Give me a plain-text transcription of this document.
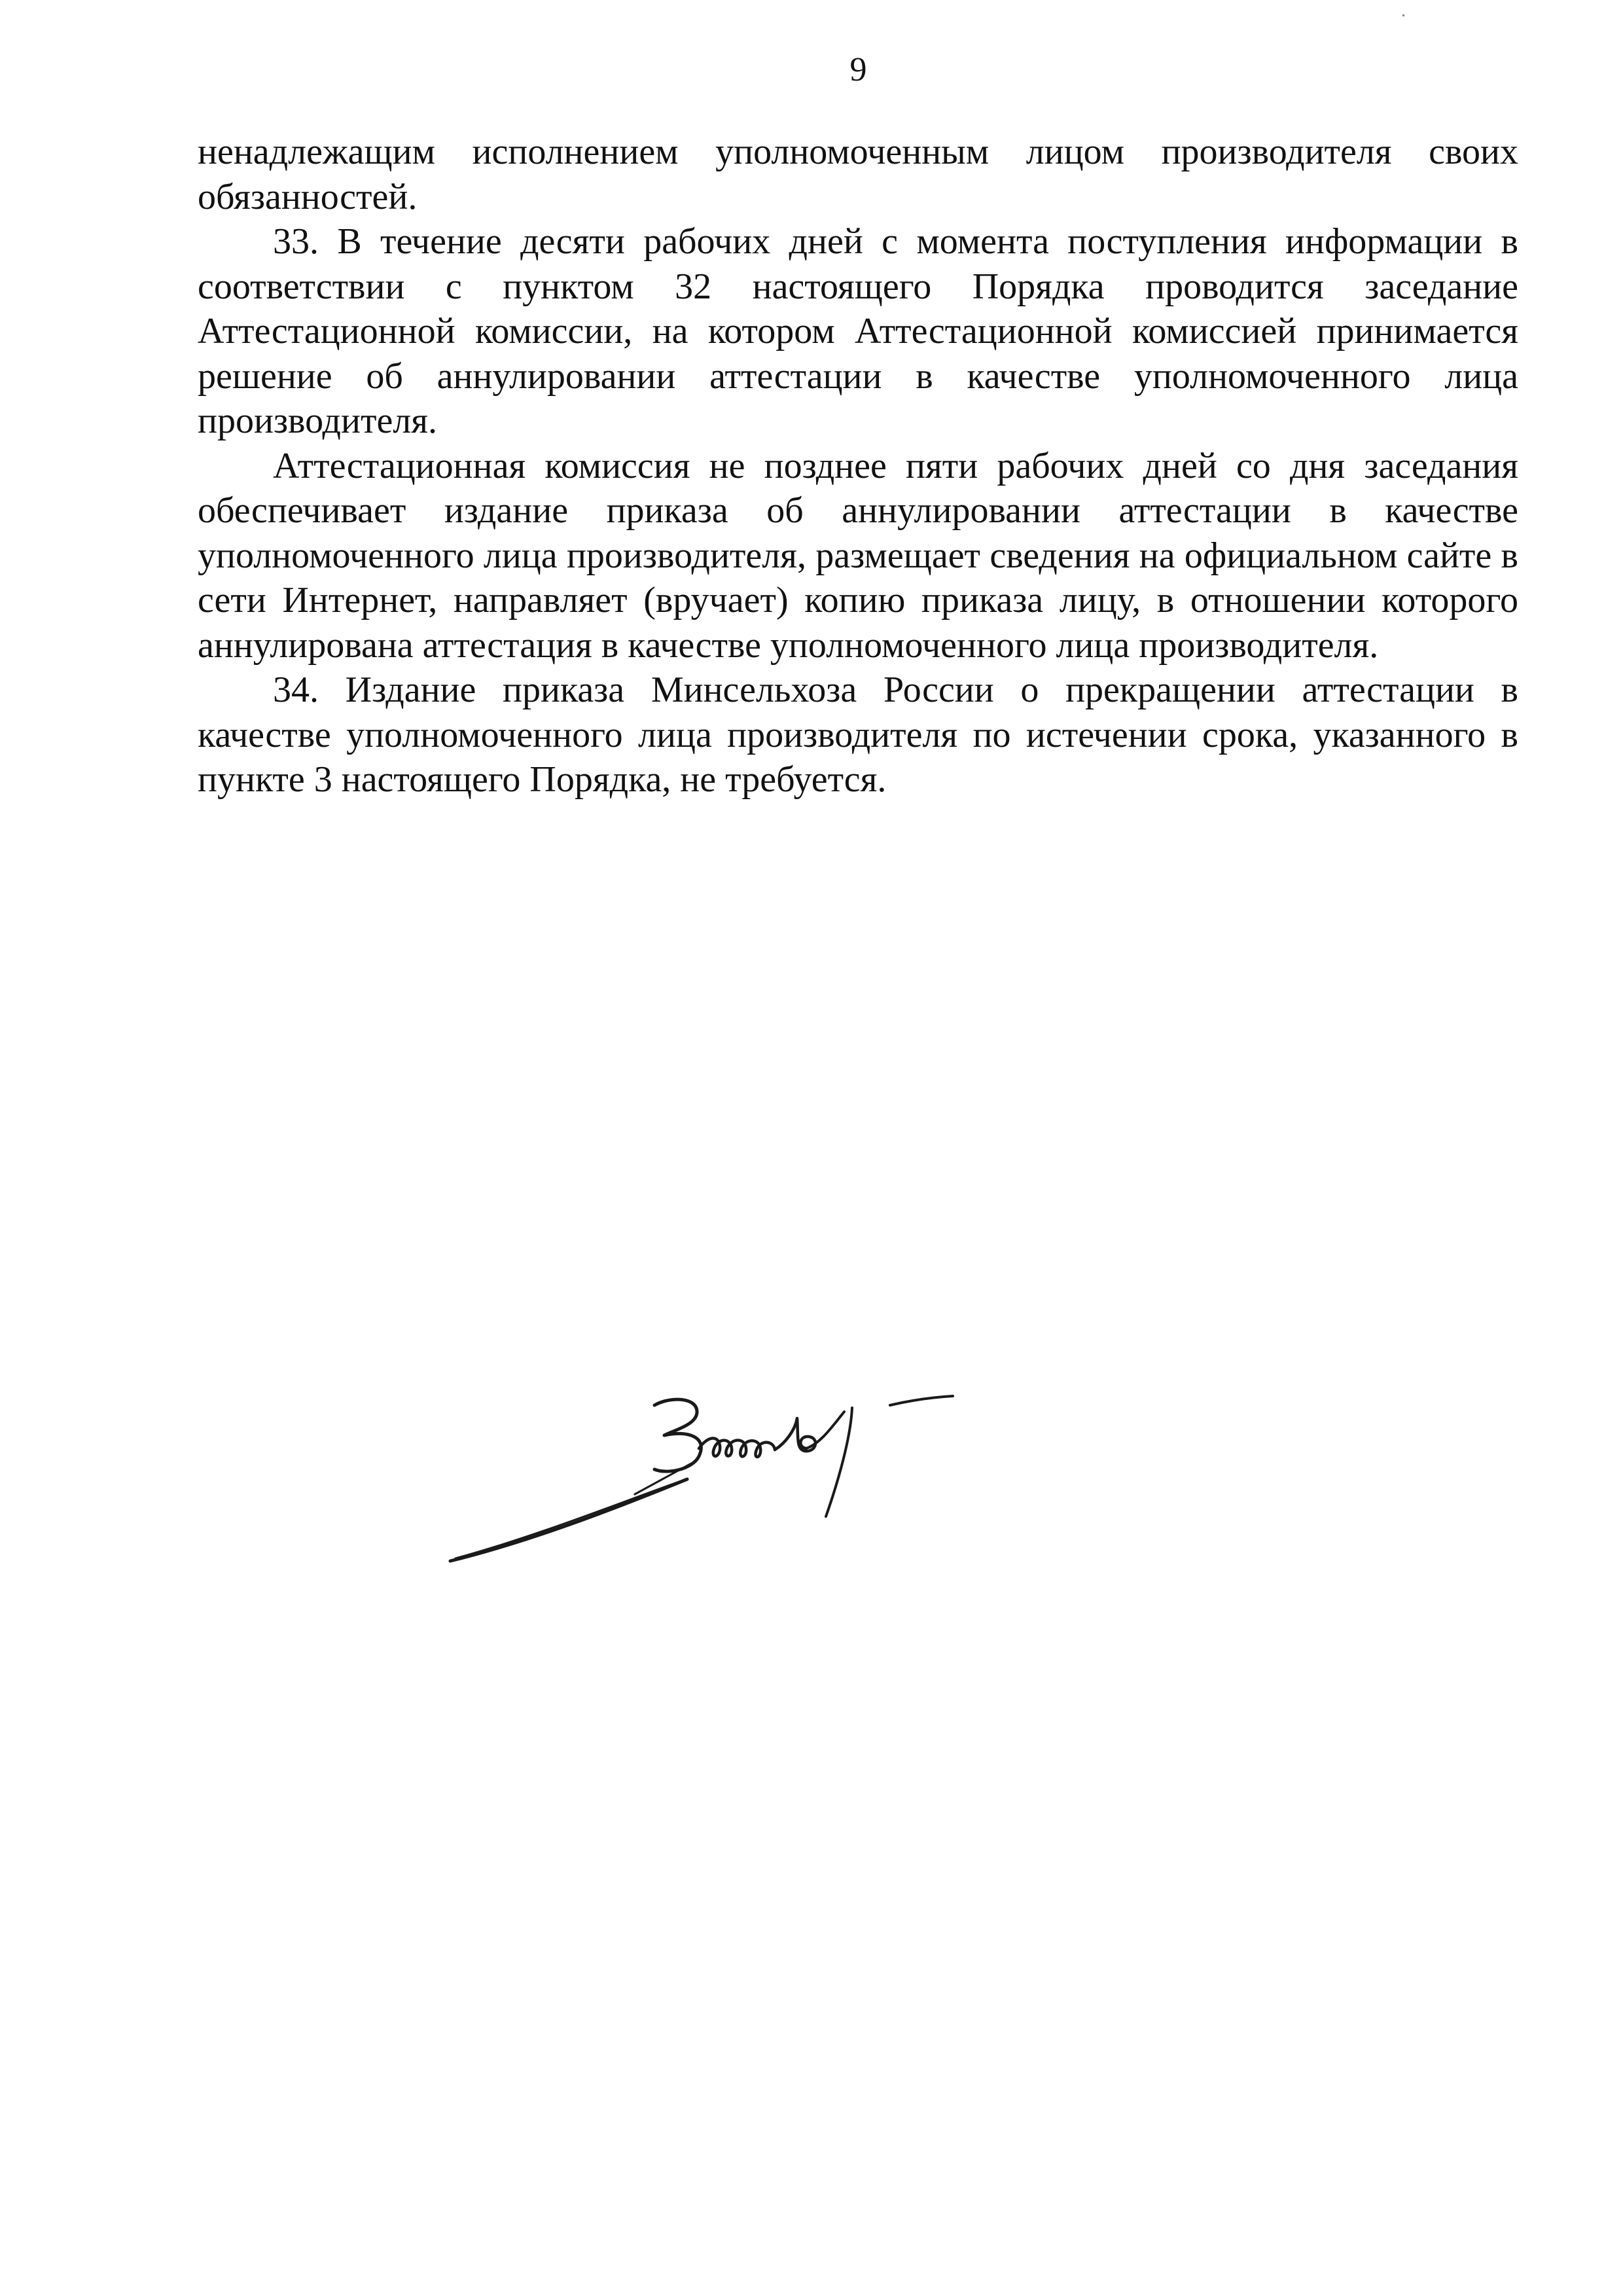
9

ненадлежащим исполнением уполномоченным лицом производителя своих обязанностей.

33. В течение десяти рабочих дней с момента поступления информации в соответствии с пунктом 32 настоящего Порядка проводится заседание Аттестационной комиссии, на котором Аттестационной комиссией принимается решение об аннулировании аттестации в качестве уполномоченного лица производителя.

Аттестационная комиссия не позднее пяти рабочих дней со дня заседания обеспечивает издание приказа об аннулировании аттестации в качестве уполномоченного лица производителя, размещает сведения на официальном сайте в сети Интернет, направляет (вручает) копию приказа лицу, в отношении которого аннулирована аттестация в качестве уполномоченного лица производителя.

34. Издание приказа Минсельхоза России о прекращении аттестации в качестве уполномоченного лица производителя по истечении срока, указанного в пункте 3 настоящего Порядка, не требуется.
